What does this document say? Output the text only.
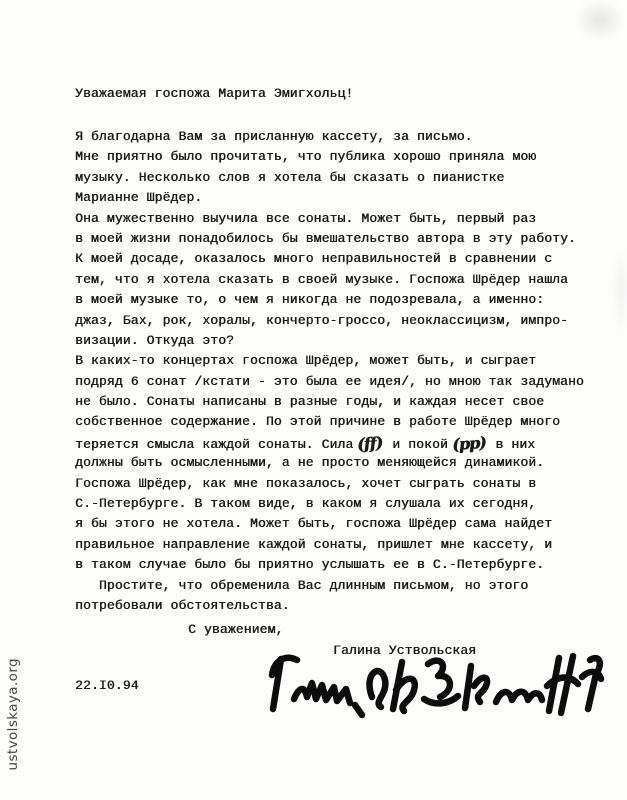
Уважаемая госпожа Марита Эмигхольц!
Я благодарна Вам за присланную кассету, за письмо.
Мне приятно было прочитать, что публика хорошо приняла мою
музыку. Несколько слов я хотела бы сказать о пианистке
Марианне Шрёдер.
Она мужественно выучила все сонаты. Может быть, первый раз
в моей жизни понадобилось бы вмешательство автора в эту работу.
К моей досаде, оказалось много неправильностей в сравнении с
тем, что я хотела сказать в своей музыке. Госпожа Шрёдер нашла
в моей музыке то, о чем я никогда не подозревала, а именно:
джаз, Бах, рок, хоралы, кончерто-гроссо, неоклассицизм, импро-
визации. Откуда это?
В каких-то концертах госпожа Шрёдер, может быть, и сыграет
подряд 6 сонат /кстати - это была ее идея/, но мною так задумано
не было. Сонаты написаны в разные годы, и каждая несет свое
собственное содержание. По этой причине в работе Шрёдер много
теряется смысла каждой сонаты. Сила (ff) и покой (pp) в них
должны быть осмысленными, а не просто меняющейся динамикой.
Госпожа Шрёдер, как мне показалось, хочет сыграть сонаты в
С.-Петербурге. В таком виде, в каком я слушала их сегодня,
я бы этого не хотела. Может быть, госпожа Шрёдер сама найдет
правильное направление каждой сонаты, пришлет мне кассету, и
в таком случае было бы приятно услышать ее в С.-Петербурге.
Простите, что обременила Вас длинным письмом, но этого
потребовали обстоятельства.
С уважением,
Галина Уствольская
22.I0.94
ustvolskaya.org
